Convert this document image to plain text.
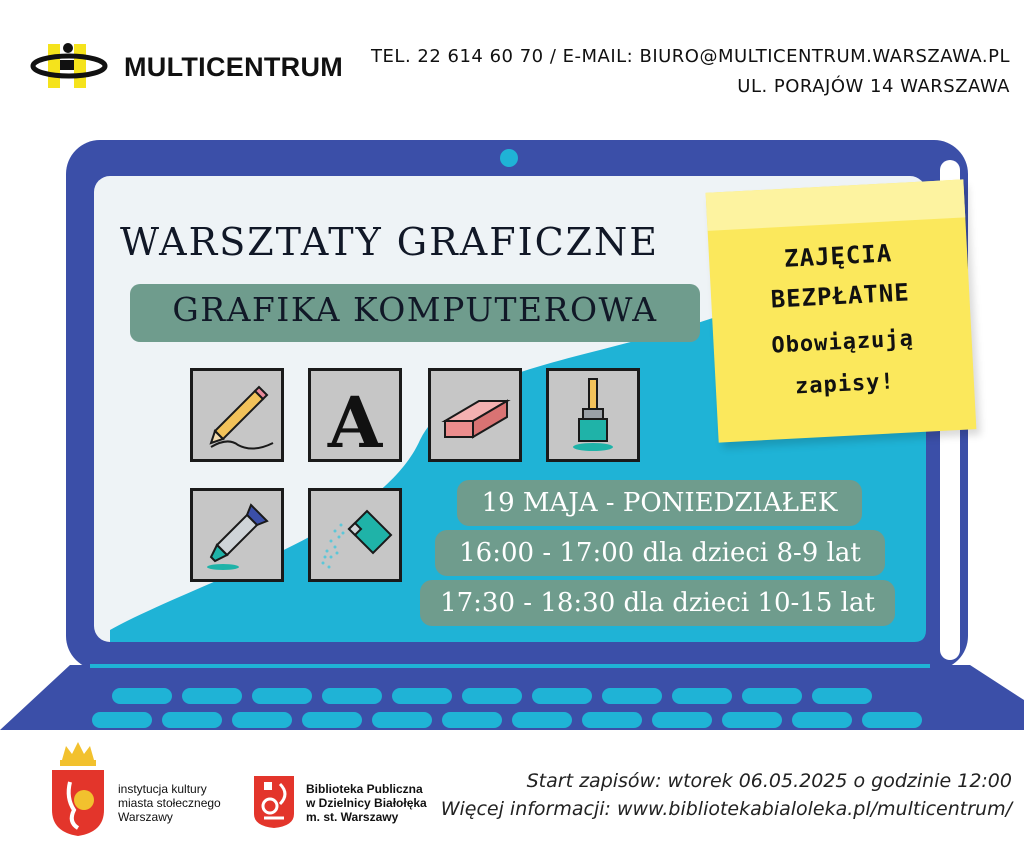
MULTICENTRUM TEL. 22 614 60 70 / E-MAIL: BIURO@MULTICENTRUM.WARSZAWA.PL
UL. PORAJÓW 14 WARSZAWA
WARSZTATY GRAFICZNE
GRAFIKA KOMPUTEROWA
A
19 MAJA - PONIEDZIAŁEK
16:00 - 17:00 dla dzieci 8-9 lat
17:30 - 18:30 dla dzieci 10-15 lat
ZAJĘCIA
BEZPŁATNE
Obowiązują
zapisy!
instytucja kultury
miasta stołecznego
Warszawy
Biblioteka Publiczna
w Dzielnicy Białołęka
m. st. Warszawy
Start zapisów: wtorek 06.05.2025 o godzinie 12:00
Więcej informacji: www.bibliotekabialoleka.pl/multicentrum/
